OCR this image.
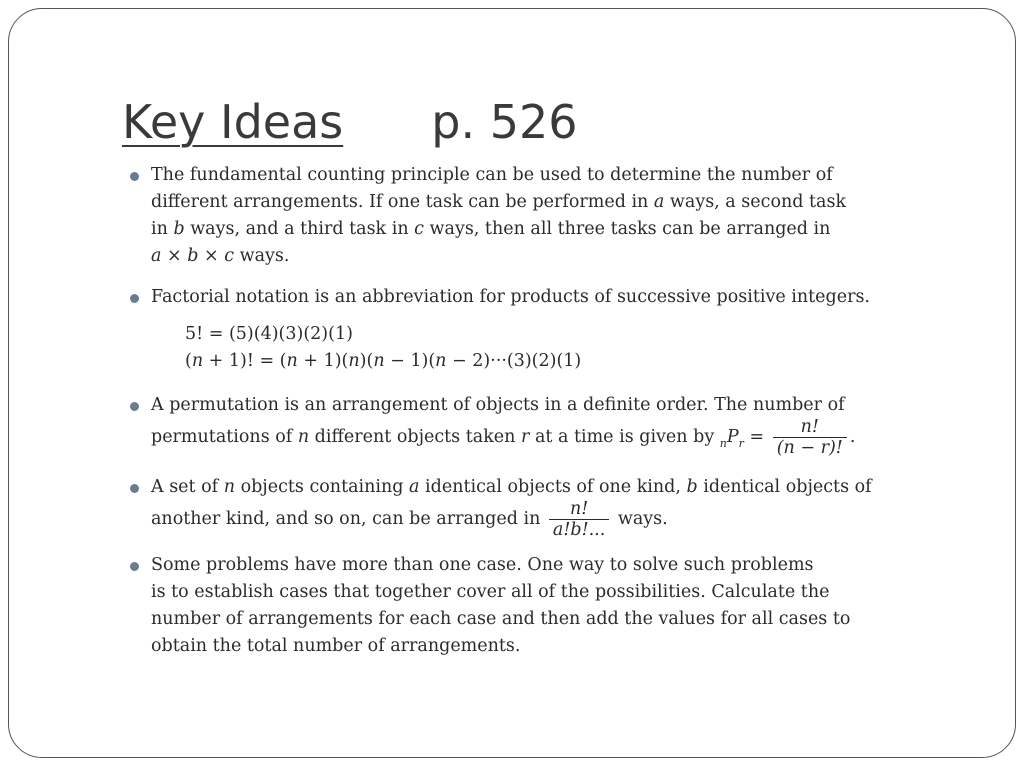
Key Ideas p. 526
The fundamental counting principle can be used to determine the number of
different arrangements. If one task can be performed in a ways, a second task
in b ways, and a third task in c ways, then all three tasks can be arranged in
a × b × c ways.
Factorial notation is an abbreviation for products of successive positive integers.
5! = (5)(4)(3)(2)(1)
(n + 1)! = (n + 1)(n)(n − 1)(n − 2)···(3)(2)(1)
A permutation is an arrangement of objects in a definite order. The number of
permutations of n different objects taken r at a time is given by $_nP_r = \frac{n!}{(n - r)!}$ .
A set of n objects containing a identical objects of one kind, b identical objects of
another kind, and so on, can be arranged in $\frac{n!}{a!b!...}$ ways.
Some problems have more than one case. One way to solve such problems
is to establish cases that together cover all of the possibilities. Calculate the
number of arrangements for each case and then add the values for all cases to
obtain the total number of arrangements.
